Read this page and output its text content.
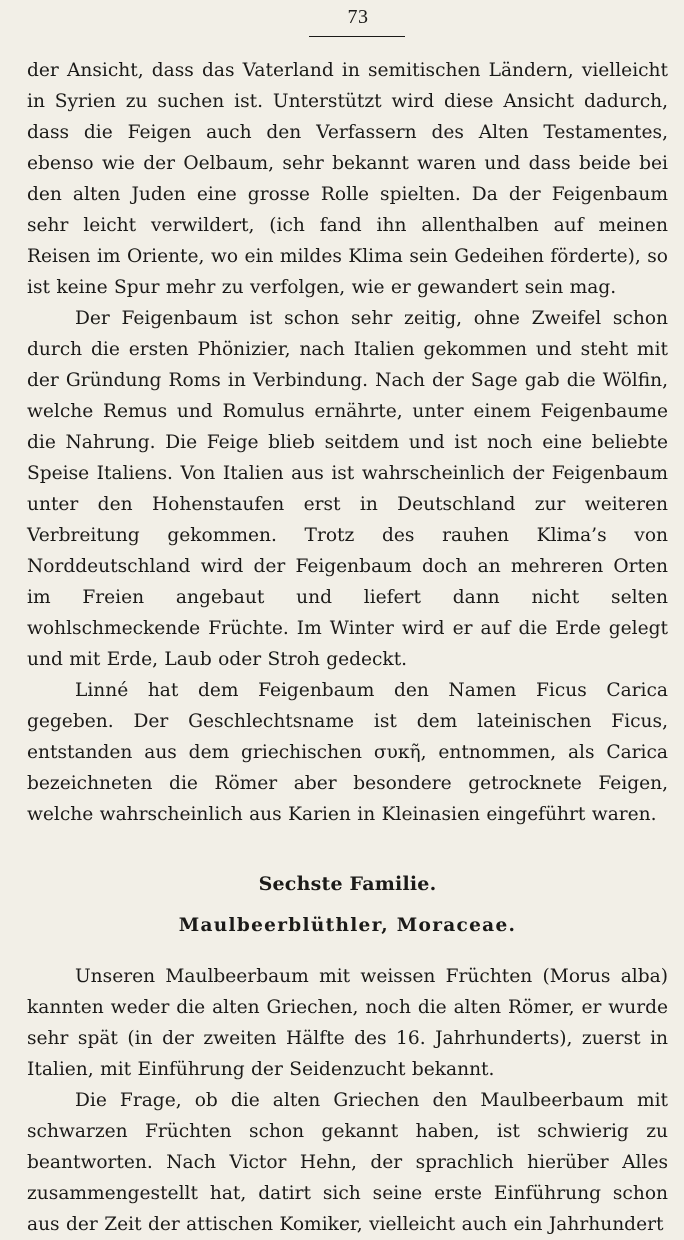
73

der Ansicht, dass das Vaterland in semitischen Ländern, vielleicht in Syrien zu suchen ist. Unterstützt wird diese Ansicht dadurch, dass die Feigen auch den Verfassern des Alten Testamentes, ebenso wie der Oelbaum, sehr bekannt waren und dass beide bei den alten Juden eine grosse Rolle spielten. Da der Feigenbaum sehr leicht verwildert, (ich fand ihn allenthalben auf meinen Reisen im Oriente, wo ein mildes Klima sein Gedeihen förderte), so ist keine Spur mehr zu verfolgen, wie er gewandert sein mag.

Der Feigenbaum ist schon sehr zeitig, ohne Zweifel schon durch die ersten Phönizier, nach Italien gekommen und steht mit der Gründung Roms in Verbindung. Nach der Sage gab die Wölfin, welche Remus und Romulus ernährte, unter einem Feigenbaume die Nahrung. Die Feige blieb seitdem und ist noch eine beliebte Speise Italiens. Von Italien aus ist wahrscheinlich der Feigenbaum unter den Hohenstaufen erst in Deutschland zur weiteren Verbreitung gekommen. Trotz des rauhen Klima’s von Norddeutschland wird der Feigenbaum doch an mehreren Orten im Freien angebaut und liefert dann nicht selten wohlschmeckende Früchte. Im Winter wird er auf die Erde gelegt und mit Erde, Laub oder Stroh gedeckt.

Linné hat dem Feigenbaum den Namen Ficus Carica gegeben. Der Geschlechtsname ist dem lateinischen Ficus, entstanden aus dem griechischen συκῆ, entnommen, als Carica bezeichneten die Römer aber besondere getrocknete Feigen, welche wahrscheinlich aus Karien in Kleinasien eingeführt waren.

Sechste Familie.
Maulbeerblüthler, Moraceae.

Unseren Maulbeerbaum mit weissen Früchten (Morus alba) kannten weder die alten Griechen, noch die alten Römer, er wurde sehr spät (in der zweiten Hälfte des 16. Jahrhunderts), zuerst in Italien, mit Einführung der Seidenzucht bekannt.

Die Frage, ob die alten Griechen den Maulbeerbaum mit schwarzen Früchten schon gekannt haben, ist schwierig zu beantworten. Nach Victor Hehn, der sprachlich hierüber Alles zusammengestellt hat, datirt sich seine erste Einführung schon aus der Zeit der attischen Komiker, vielleicht auch ein Jahrhundert
